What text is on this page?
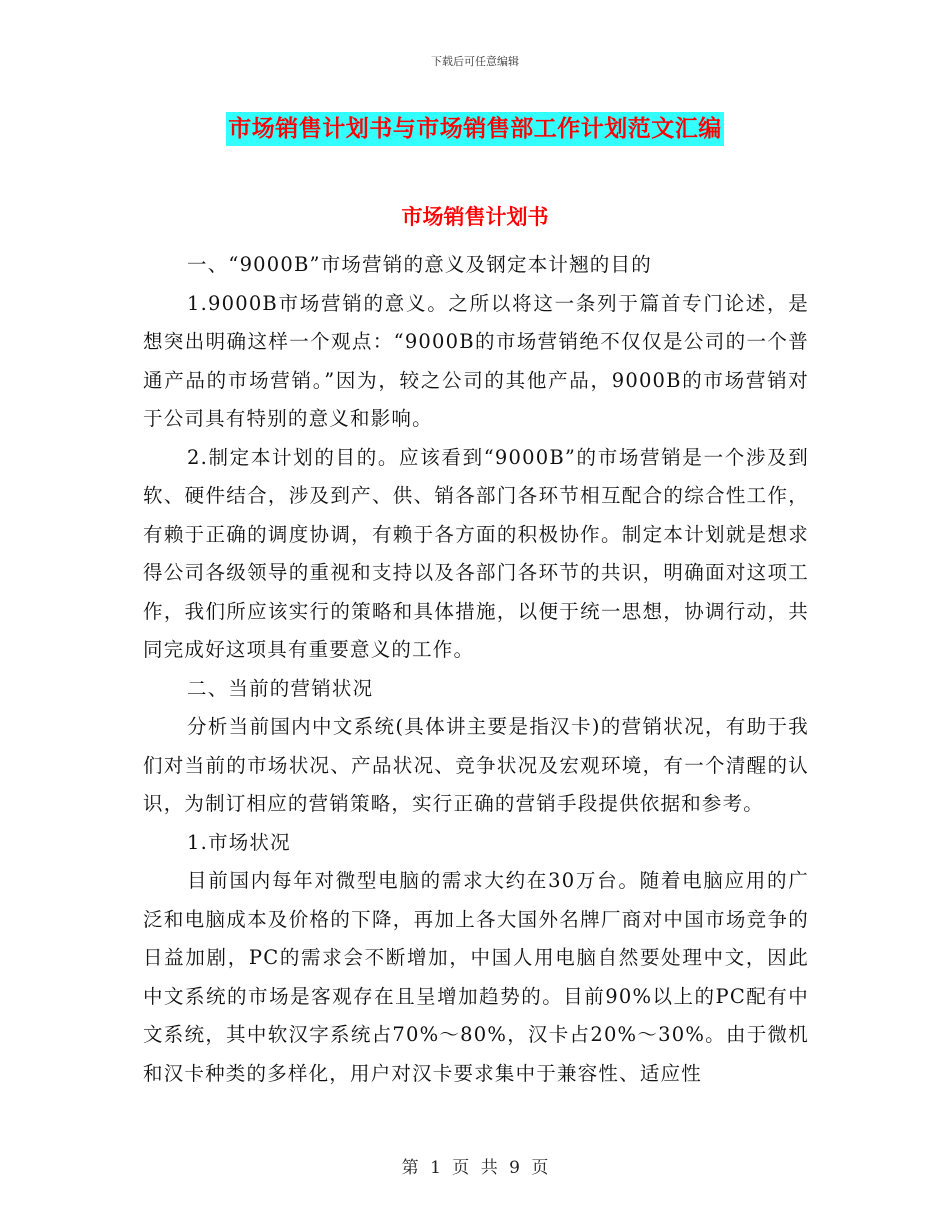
下载后可任意编辑
市场销售计划书与市场销售部工作计划范文汇编
市场销售计划书

一、“9000B”市场营销的意义及钢定本计翘的目的

1.9000B市场营销的意义。之所以将这一条列于篇首专门论述，是想突出明确这样一个观点：“9000B的市场营销绝不仅仅是公司的一个普通产品的市场营销。”因为，较之公司的其他产品，9000B的市场营销对于公司具有特别的意义和影响。

2.制定本计划的目的。应该看到“9000B”的市场营销是一个涉及到软、硬件结合，涉及到产、供、销各部门各环节相互配合的综合性工作，有赖于正确的调度协调，有赖于各方面的积极协作。制定本计划就是想求得公司各级领导的重视和支持以及各部门各环节的共识，明确面对这项工作，我们所应该实行的策略和具体措施，以便于统一思想，协调行动，共同完成好这项具有重要意义的工作。

二、当前的营销状况

分析当前国内中文系统(具体讲主要是指汉卡)的营销状况，有助于我们对当前的市场状况、产品状况、竞争状况及宏观环境，有一个清醒的认识，为制订相应的营销策略，实行正确的营销手段提供依据和参考。

1.市场状况

目前国内每年对微型电脑的需求大约在30万台。随着电脑应用的广泛和电脑成本及价格的下降，再加上各大国外名牌厂商对中国市场竞争的日益加剧，PC的需求会不断增加，中国人用电脑自然要处理中文，因此中文系统的市场是客观存在且呈增加趋势的。目前90%以上的PC配有中文系统，其中软汉字系统占70%～80%，汉卡占20%～30%。由于微机和汉卡种类的多样化，用户对汉卡要求集中于兼容性、适应性

第 1 页 共 9 页
